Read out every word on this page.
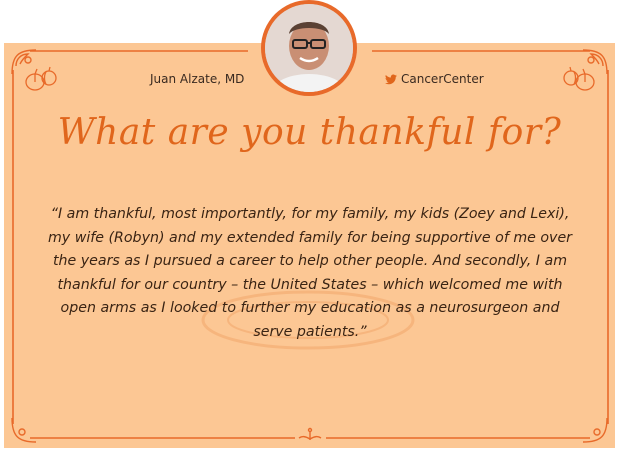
Juan Alzate, MD	CancerCenter
What are you thankful for?
“I am thankful, most importantly, for my family, my kids (Zoey and Lexi), my wife (Robyn) and my extended family for being supportive of me over the years as I pursued a career to help other people. And secondly, I am thankful for our country – the United States – which welcomed me with open arms as I looked to further my education as a neurosurgeon and serve patients.”
